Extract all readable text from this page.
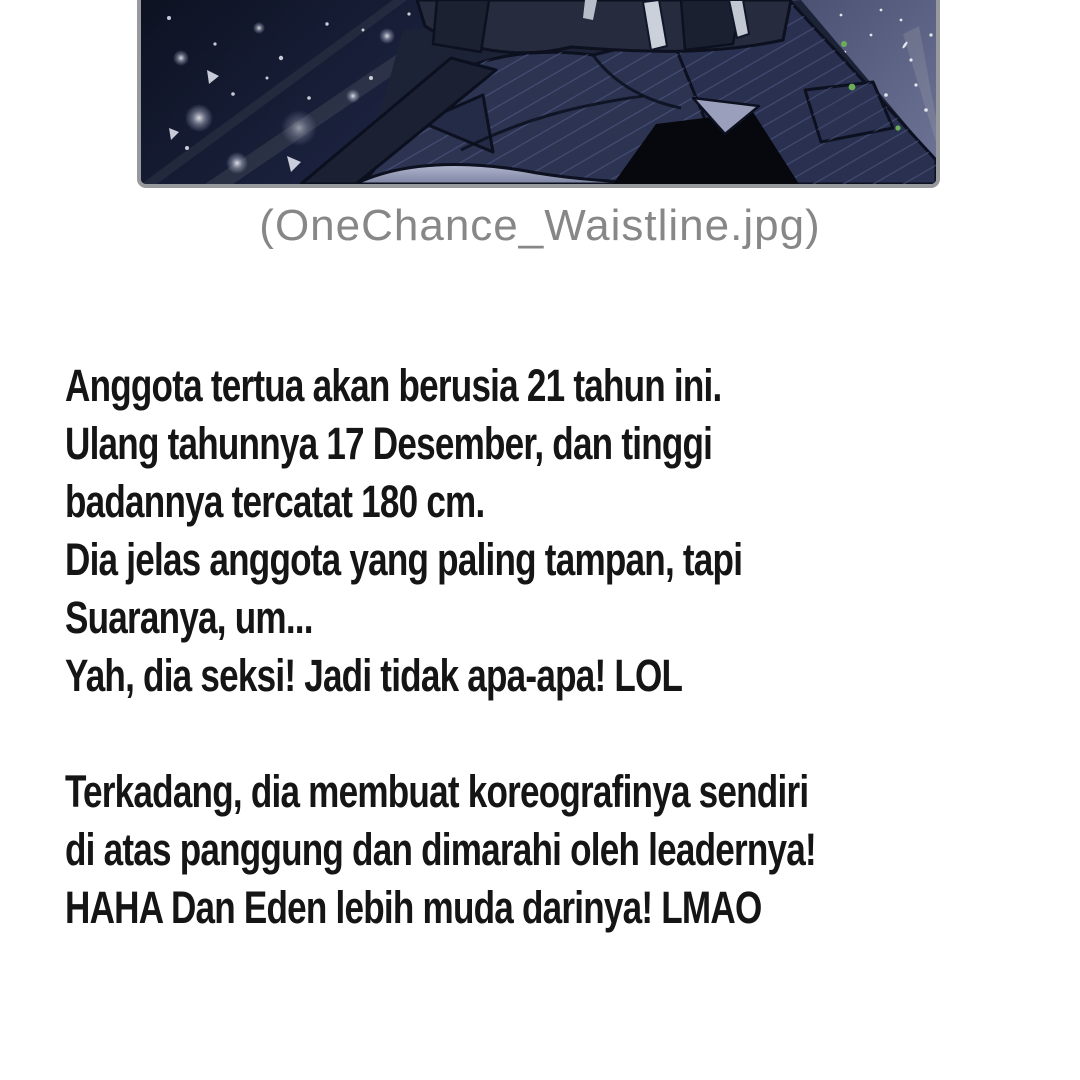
(OneChance_Waistline.jpg)
Anggota tertua akan berusia 21 tahun ini.
Ulang tahunnya 17 Desember, dan tinggi
badannya tercatat 180 cm.
Dia jelas anggota yang paling tampan, tapi
Suaranya, um...
Yah, dia seksi! Jadi tidak apa-apa! LOL
Terkadang, dia membuat koreografinya sendiri
di atas panggung dan dimarahi oleh leadernya!
HAHA Dan Eden lebih muda darinya! LMAO
